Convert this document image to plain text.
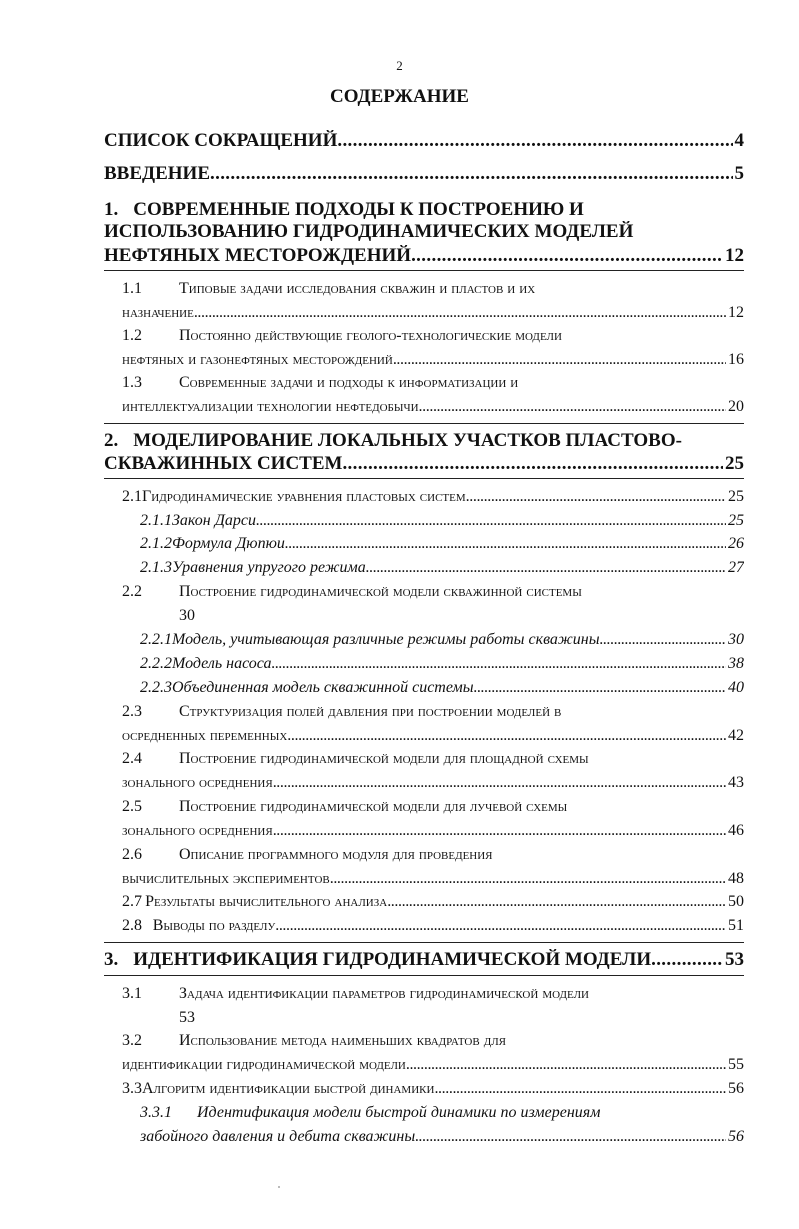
2
СОДЕРЖАНИЕ
СПИСОК СОКРАЩЕНИЙ . . .	4
ВВЕДЕНИЕ . . .	5
1. СОВРЕМЕННЫЕ ПОДХОДЫ К ПОСТРОЕНИЮ И
ИСПОЛЬЗОВАНИЮ ГИДРОДИНАМИЧЕСКИХ МОДЕЛЕЙ
НЕФТЯНЫХ МЕСТОРОЖДЕНИЙ . . .	12
1.1	Типовые задачи исследования скважин и пластов и их
назначение . . .	12
1.2	Постоянно действующие геолого-технологические модели
нефтяных и газонефтяных месторождений . . .	16
1.3	Современные задачи и подходы к информатизации и
интеллектуализации технологии нефтедобычи . . .	20
2. МОДЕЛИРОВАНИЕ ЛОКАЛЬНЫХ УЧАСТКОВ ПЛАСТОВО-
СКВАЖИННЫХ СИСТЕМ . . .	25
2.1 Гидродинамические уравнения пластовых систем . . .	25
2.1.1 Закон Дарси . . .	25
2.1.2 Формула Дюпюи . . .	26
2.1.3 Уравнения упругого режима . . .	27
2.2	Построение гидродинамической модели скважинной системы
30
2.2.1 Модель, учитывающая различные режимы работы скважины . . .	30
2.2.2 Модель насоса . . .	38
2.2.3 Объединенная модель скважинной системы . . .	40
2.3	Структуризация полей давления при построении моделей в
осредненных переменных . . .	42
2.4	Построение гидродинамической модели для площадной схемы
зонального осреднения . . .	43
2.5	Построение гидродинамической модели для лучевой схемы
зонального осреднения . . .	46
2.6	Описание программного модуля для проведения
вычислительных экспериментов . . .	48
2.7 Результаты вычислительного анализа . . .	50
2.8 Выводы по разделу . . .	51
3. ИДЕНТИФИКАЦИЯ ГИДРОДИНАМИЧЕСКОЙ МОДЕЛИ . . .	53
3.1	Задача идентификации параметров гидродинамической модели
53
3.2	Использование метода наименьших квадратов для
идентификации гидродинамической модели . . .	55
3.3 Алгоритм идентификации быстрой динамики . . .	56
3.3.1	Идентификация модели быстрой динамики по измерениям
забойного давления и дебита скважины . . .	56
